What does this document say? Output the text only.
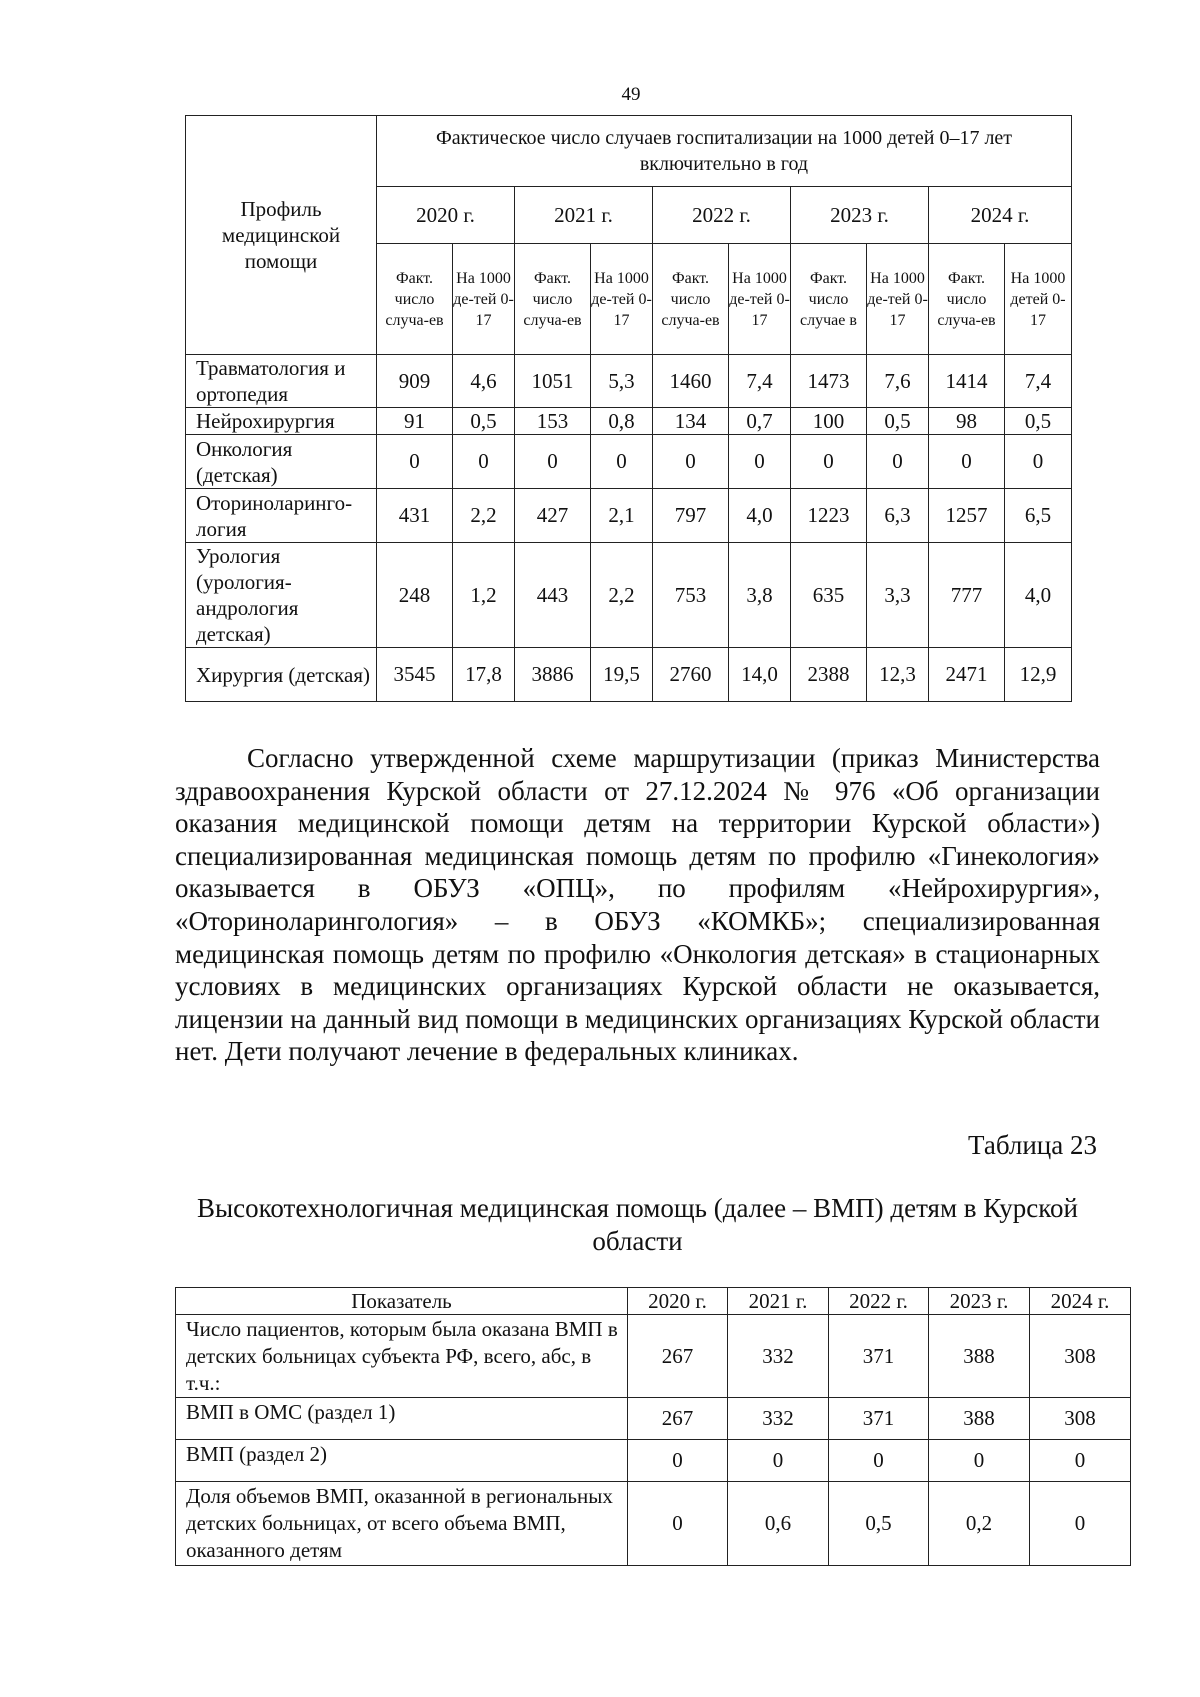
49
Профиль медицинской помощи	Фактическое число случаев госпитализации на 1000 детей 0–17 лет включительно в год									
	2020 г.		2021 г.		2022 г.		2023 г.		2024 г.	
	Факт. число случа-ев	На 1000 де-тей 0-17	Факт. число случа-ев	На 1000 де-тей 0-17	Факт. число случа-ев	На 1000 де-тей 0-17	Факт. число случае в	На 1000 де-тей 0-17	Факт. число случа-ев	На 1000 детей 0-17
Травматология и ортопедия	909	4,6	1051	5,3	1460	7,4	1473	7,6	1414	7,4
Нейрохирургия	91	0,5	153	0,8	134	0,7	100	0,5	98	0,5
Онкология (детская)	0	0	0	0	0	0	0	0	0	0
Оториноларинго-логия	431	2,2	427	2,1	797	4,0	1223	6,3	1257	6,5
Урология (урология-андрология детская)	248	1,2	443	2,2	753	3,8	635	3,3	777	4,0
Хирургия (детская)	3545	17,8	3886	19,5	2760	14,0	2388	12,3	2471	12,9

Согласно утвержденной схеме маршрутизации (приказ Министерства здравоохранения Курской области от 27.12.2024 № 976 «Об организации оказания медицинской помощи детям на территории Курской области») специализированная медицинская помощь детям по профилю «Гинекология» оказывается в ОБУЗ «ОПЦ», по профилям «Нейрохирургия», «Оториноларингология» – в ОБУЗ «КОМКБ»; специализированная медицинская помощь детям по профилю «Онкология детская» в стационарных условиях в медицинских организациях Курской области не оказывается, лицензии на данный вид помощи в медицинских организациях Курской области нет. Дети получают лечение в федеральных клиниках.

Таблица 23
Высокотехнологичная медицинская помощь (далее – ВМП) детям в Курской области
Показатель	2020 г.	2021 г.	2022 г.	2023 г.	2024 г.
Число пациентов, которым была оказана ВМП в детских больницах субъекта РФ, всего, абс, в т.ч.:	267	332	371	388	308
ВМП в ОМС (раздел 1)	267	332	371	388	308
ВМП (раздел 2)	0	0	0	0	0
Доля объемов ВМП, оказанной в региональных детских больницах, от всего объема ВМП, оказанного детям	0	0,6	0,5	0,2	0
